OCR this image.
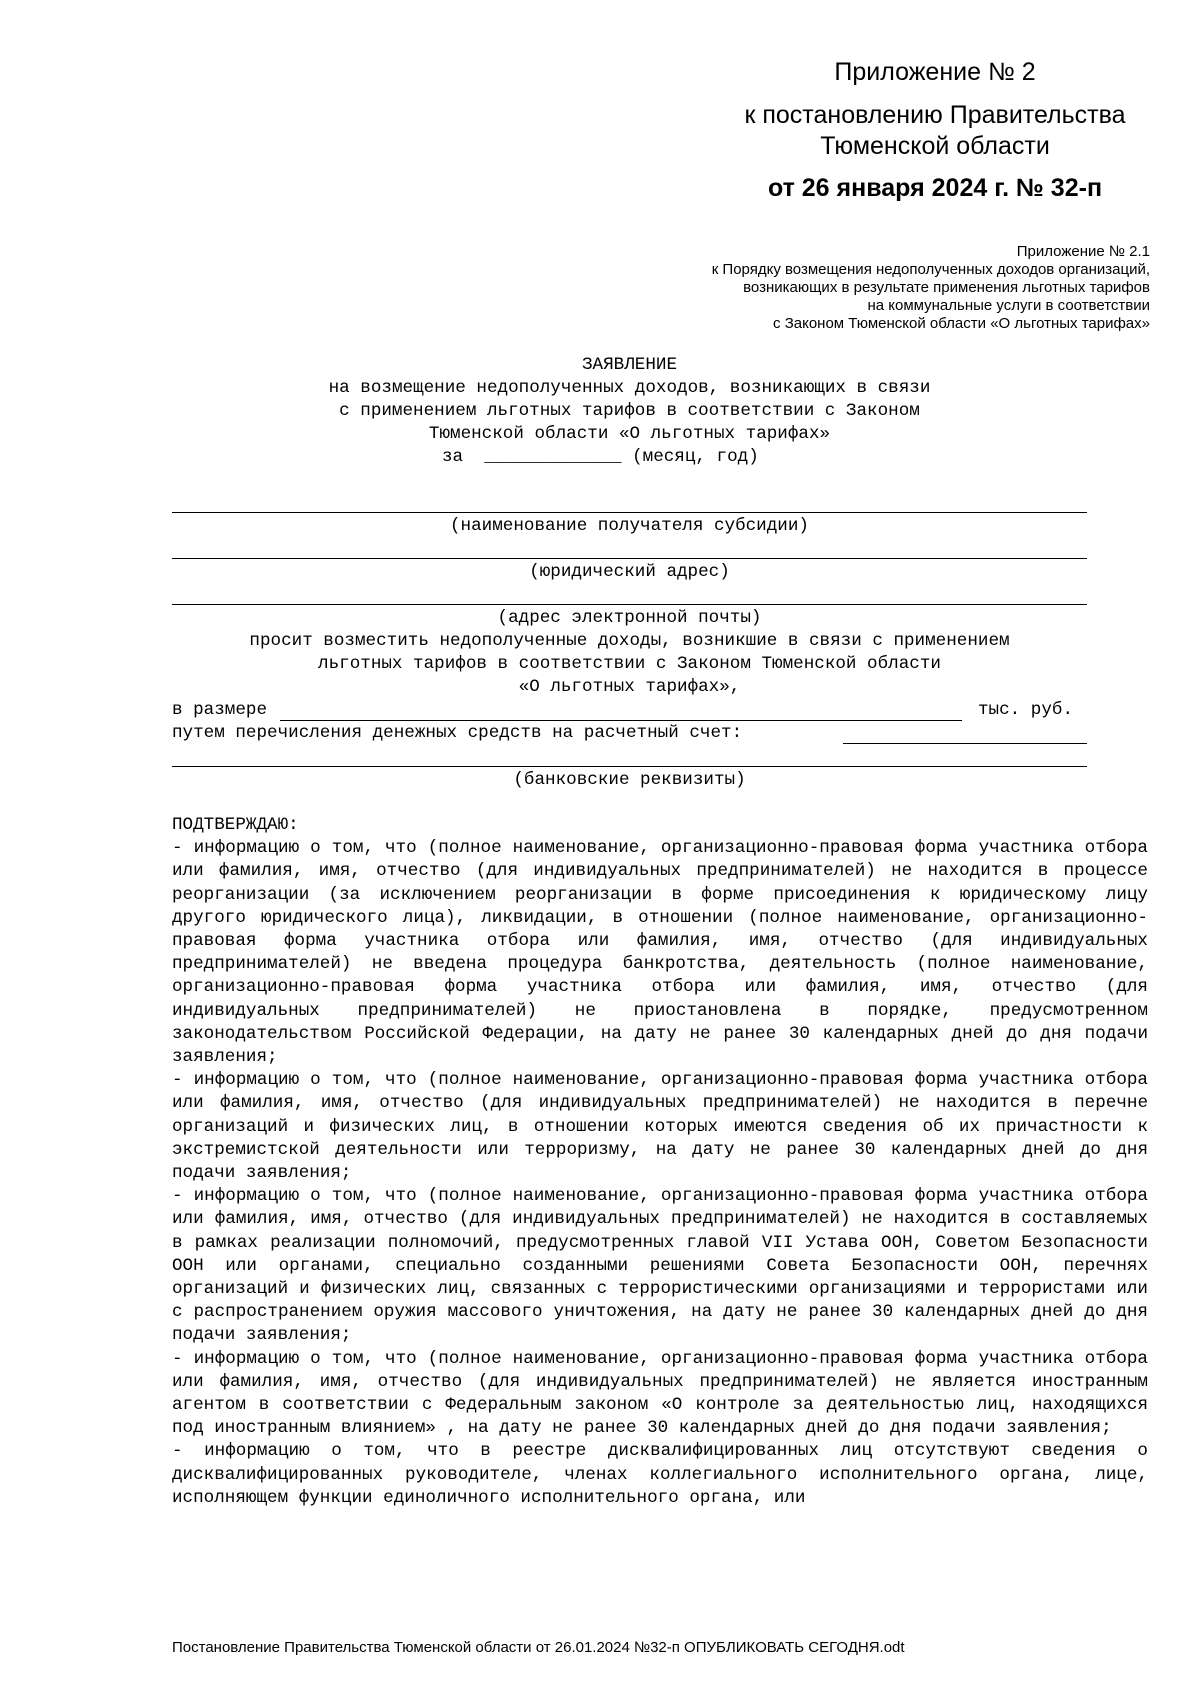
Приложение № 2
к постановлению Правительства
Тюменской области
от 26 января 2024 г. № 32-п
Приложение № 2.1
к Порядку возмещения недополученных доходов организаций,
возникающих в результате применения льготных тарифов
на коммунальные услуги в соответствии
с Законом Тюменской области «О льготных тарифах»
ЗАЯВЛЕНИЕ
на возмещение недополученных доходов, возникающих в связи
с применением льготных тарифов в соответствии с Законом
Тюменской области «О льготных тарифах»
за _____________ (месяц, год)
(наименование получателя субсидии)
(юридический адрес)
(адрес электронной почты)
просит возместить недополученные доходы, возникшие в связи с применением
льготных тарифов в соответствии с Законом Тюменской области
«О льготных тарифах»,
в размере	тыс. руб.
путем перечисления денежных средств на расчетный счет:
(банковские реквизиты)

ПОДТВЕРЖДАЮ:

- информацию о том, что (полное наименование, организационно-правовая форма участника отбора или фамилия, имя, отчество (для индивидуальных предпринимателей) не находится в процессе реорганизации (за исключением реорганизации в форме присоединения к юридическому лицу другого юридического лица), ликвидации, в отношении (полное наименование, организационно-правовая форма участника отбора или фамилия, имя, отчество (для индивидуальных предпринимателей) не введена процедура банкротства, деятельность (полное наименование, организационно-правовая форма участника отбора или фамилия, имя, отчество (для индивидуальных предпринимателей) не приостановлена в порядке, предусмотренном законодательством Российской Федерации, на дату не ранее 30 календарных дней до дня подачи заявления;

- информацию о том, что (полное наименование, организационно-правовая форма участника отбора или фамилия, имя, отчество (для индивидуальных предпринимателей) не находится в перечне организаций и физических лиц, в отношении которых имеются сведения об их причастности к экстремистской деятельности или терроризму, на дату не ранее 30 календарных дней до дня подачи заявления;

- информацию о том, что (полное наименование, организационно-правовая форма участника отбора или фамилия, имя, отчество (для индивидуальных предпринимателей) не находится в составляемых в рамках реализации полномочий, предусмотренных главой VII Устава ООН, Советом Безопасности ООН или органами, специально созданными решениями Совета Безопасности ООН, перечнях организаций и физических лиц, связанных с террористическими организациями и террористами или с распространением оружия массового уничтожения, на дату не ранее 30 календарных дней до дня подачи заявления;

- информацию о том, что (полное наименование, организационно-правовая форма участника отбора или фамилия, имя, отчество (для индивидуальных предпринимателей) не является иностранным агентом в соответствии с Федеральным законом «О контроле за деятельностью лиц, находящихся под иностранным влиянием» , на дату не ранее 30 календарных дней до дня подачи заявления;

- информацию о том, что в реестре дисквалифицированных лиц отсутствуют сведения о дисквалифицированных руководителе, членах коллегиального исполнительного органа, лице, исполняющем функции единоличного исполнительного органа, или

Постановление Правительства Тюменской области от 26.01.2024 №32-п ОПУБЛИКОВАТЬ СЕГОДНЯ.odt
